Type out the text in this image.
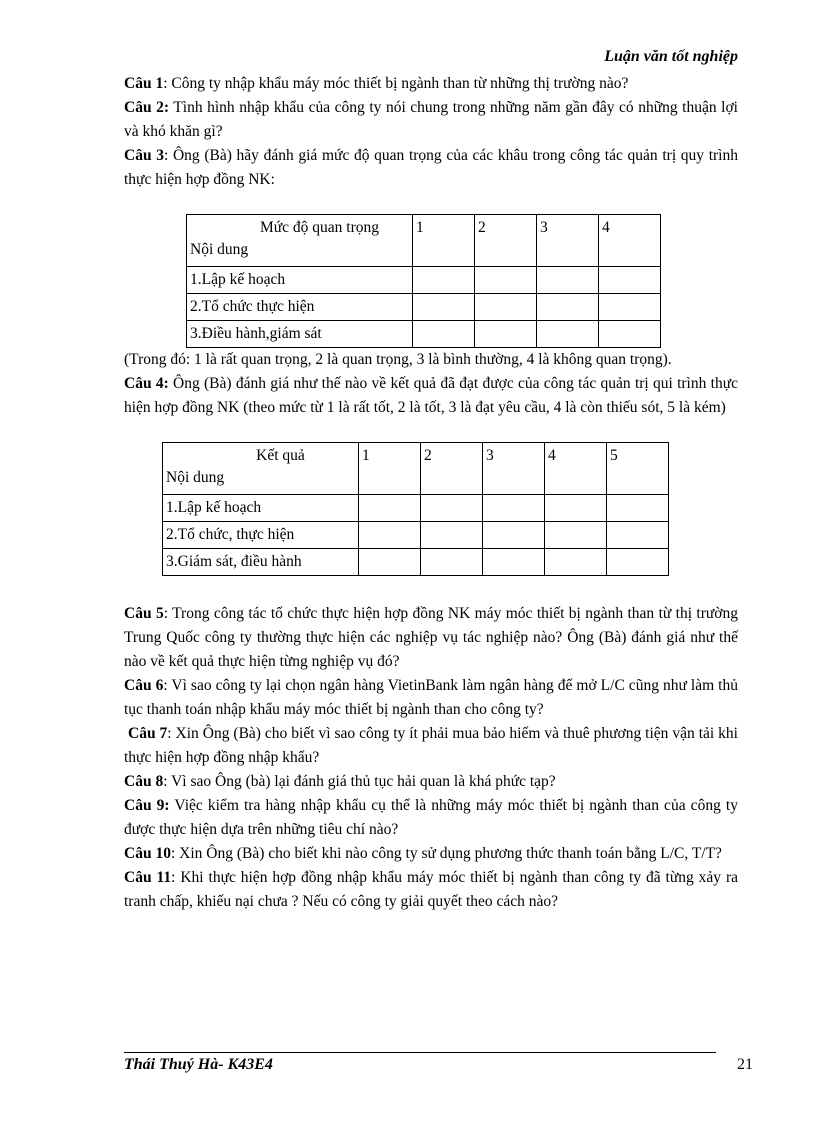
Luận văn tốt nghiệp

Câu 1: Công ty nhập khẩu máy móc thiết bị ngành than từ những thị trường nào?

Câu 2: Tình hình nhập khẩu của công ty nói chung trong những năm gần đây có những thuận lợi và khó khăn gì?

Câu 3: Ông (Bà) hãy đánh giá mức độ quan trọng của các khâu trong công tác quản trị quy trình thực hiện hợp đồng NK:

Mức độ quan trọng
Nội dung	1	2	3	4
1.Lập kế hoạch				
2.Tổ chức thực hiện				
3.Điều hành,giám sát				

(Trong đó: 1 là rất quan trọng, 2 là quan trọng, 3 là bình thường, 4 là không quan trọng).

Câu 4: Ông (Bà) đánh giá như thế nào về kết quả đã đạt được của công tác quản trị qui trình thực hiện hợp đồng NK (theo mức từ 1 là rất tốt, 2 là tốt, 3 là đạt yêu cầu, 4 là còn thiếu sót, 5 là kém)

Kết quả
Nội dung	1	2	3	4	5
1.Lập kế hoạch					
2.Tổ chức, thực hiện					
3.Giám sát, điều hành					

Câu 5: Trong công tác tổ chức thực hiện hợp đồng NK máy móc thiết bị ngành than từ thị trường Trung Quốc công ty thường thực hiện các nghiệp vụ tác nghiệp nào? Ông (Bà) đánh giá như thế nào về kết quả thực hiện từng nghiệp vụ đó?

Câu 6: Vì sao công ty lại chọn ngân hàng VietinBank làm ngân hàng để mở L/C cũng như làm thủ tục thanh toán nhập khẩu máy móc thiết bị ngành than cho công ty?

Câu 7: Xin Ông (Bà) cho biết vì sao công ty ít phải mua bảo hiểm và thuê phương tiện vận tải khi thực hiện hợp đồng nhập khẩu?

Câu 8: Vì sao Ông (bà) lại đánh giá thủ tục hải quan là khá phức tạp?

Câu 9: Việc kiểm tra hàng nhập khẩu cụ thể là những máy móc thiết bị ngành than của công ty được thực hiện dựa trên những tiêu chí nào?

Câu 10: Xin Ông (Bà) cho biết khi nào công ty sử dụng phương thức thanh toán bằng L/C, T/T?

Câu 11: Khi thực hiện hợp đồng nhập khẩu máy móc thiết bị ngành than công ty đã từng xảy ra tranh chấp, khiếu nại chưa ? Nếu có công ty giải quyết theo cách nào?

Thái Thuý Hà- K43E4	21
